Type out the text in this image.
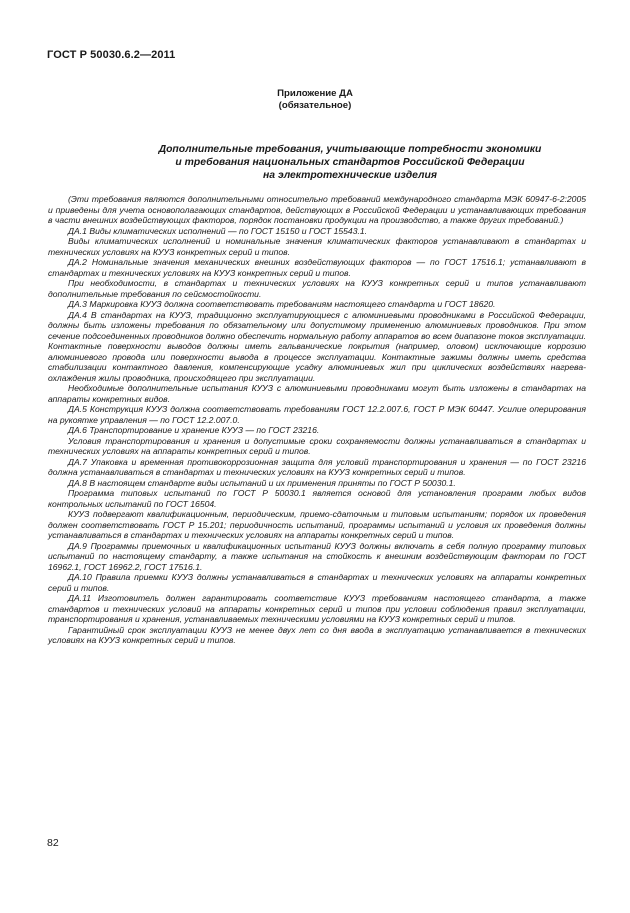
ГОСТ Р 50030.6.2—2011
Приложение ДА
(обязательное)
Дополнительные требования, учитывающие потребности экономики
и требования национальных стандартов Российской Федерации
на электротехнические изделия

(Эти требования являются дополнительными относительно требований международного стандарта МЭК 60947-6-2:2005 и приведены для учета основополагающих стандартов, действующих в Российской Федерации и устанавливающих требования в части внешних воздействующих факторов, порядок постановки продукции на производство, а также других требований.)

ДА.1 Виды климатических исполнений — по ГОСТ 15150 и ГОСТ 15543.1.

Виды климатических исполнений и номинальные значения климатических факторов устанавливают в стандартах и технических условиях на КУУЗ конкретных серий и типов.

ДА.2 Номинальные значения механических внешних воздействующих факторов — по ГОСТ 17516.1; устанавливают в стандартах и технических условиях на КУУЗ конкретных серий и типов.

При необходимости, в стандартах и технических условиях на КУУЗ конкретных серий и типов устанавливают дополнительные требования по сейсмостойкости.

ДА.3 Маркировка КУУЗ должна соответствовать требованиям настоящего стандарта и ГОСТ 18620.

ДА.4 В стандартах на КУУЗ, традиционно эксплуатирующиеся с алюминиевыми проводниками в Российской Федерации, должны быть изложены требования по обязательному или допустимому применению алюминиевых проводников. При этом сечение подсоединенных проводников должно обеспечить нормальную работу аппаратов во всем диапазоне токов эксплуатации. Контактные поверхности выводов должны иметь гальванические покрытия (например, оловом) исключающие коррозию алюминиевого провода или поверхности вывода в процессе эксплуатации. Контактные зажимы должны иметь средства стабилизации контактного давления, компенсирующие усадку алюминиевых жил при циклических воздействиях нагрева-охлаждения жилы проводника, происходящего при эксплуатации.

Необходимые дополнительные испытания КУУЗ с алюминиевыми проводниками могут быть изложены в стандартах на аппараты конкретных видов.

ДА.5 Конструкция КУУЗ должна соответствовать требованиям ГОСТ 12.2.007.6, ГОСТ Р МЭК 60447. Усилие оперирования на рукоятке управления — по ГОСТ 12.2.007.0.

ДА.6 Транспортирование и хранение КУУЗ — по ГОСТ 23216.

Условия транспортирования и хранения и допустимые сроки сохраняемости должны устанавливаться в стандартах и технических условиях на аппараты конкретных серий и типов.

ДА.7 Упаковка и временная противокоррозионная защита для условий транспортирования и хранения — по ГОСТ 23216 должна устанавливаться в стандартах и технических условиях на КУУЗ конкретных серий и типов.

ДА.8 В настоящем стандарте виды испытаний и их применения приняты по ГОСТ Р 50030.1.

Программа типовых испытаний по ГОСТ Р 50030.1 является основой для установления программ любых видов контрольных испытаний по ГОСТ 16504.

КУУЗ подвергают квалификационным, периодическим, приемо-сдаточным и типовым испытаниям; порядок их проведения должен соответствовать ГОСТ Р 15.201; периодичность испытаний, программы испытаний и условия их проведения должны устанавливаться в стандартах и технических условиях на аппараты конкретных серий и типов.

ДА.9 Программы приемочных и квалификационных испытаний КУУЗ должны включать в себя полную программу типовых испытаний по настоящему стандарту, а также испытания на стойкость к внешним воздействующим факторам по ГОСТ 16962.1, ГОСТ 16962.2, ГОСТ 17516.1.

ДА.10 Правила приемки КУУЗ должны устанавливаться в стандартах и технических условиях на аппараты конкретных серий и типов.

ДА.11 Изготовитель должен гарантировать соответствие КУУЗ требованиям настоящего стандарта, а также стандартов и технических условий на аппараты конкретных серий и типов при условии соблюдения правил эксплуатации, транспортирования и хранения, устанавливаемых техническими условиями на КУУЗ конкретных серий и типов.

Гарантийный срок эксплуатации КУУЗ не менее двух лет со дня ввода в эксплуатацию устанавливается в технических условиях на КУУЗ конкретных серий и типов.

82
